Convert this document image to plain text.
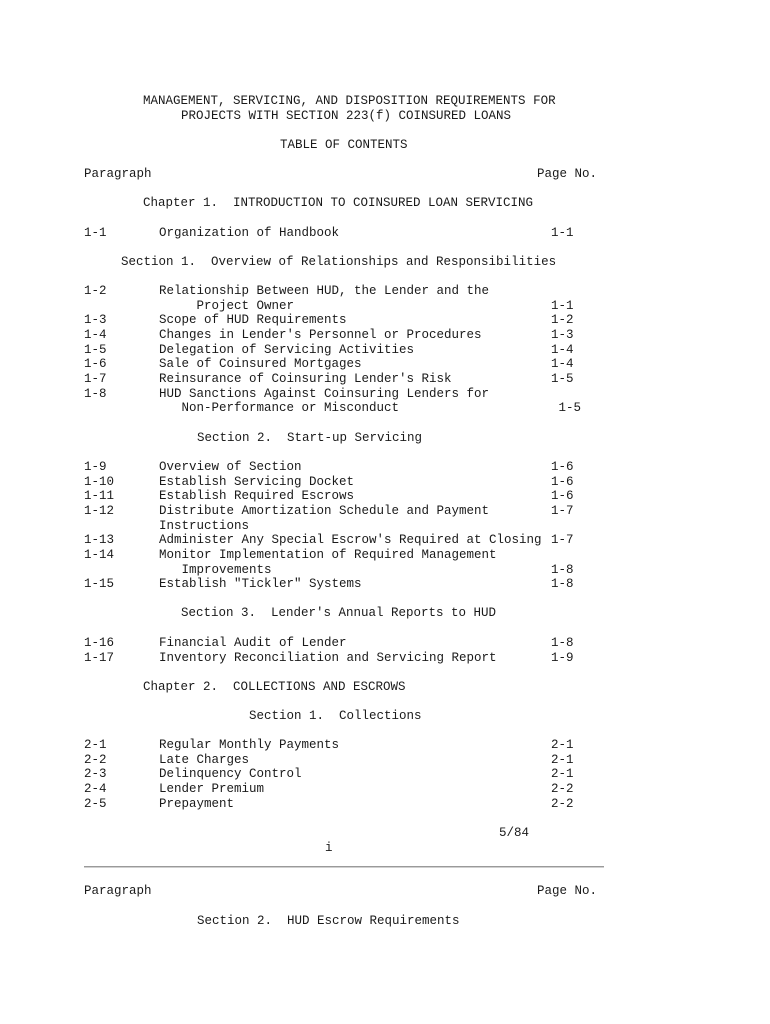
MANAGEMENT, SERVICING, AND DISPOSITION REQUIREMENTS FOR
PROJECTS WITH SECTION 223(f) COINSURED LOANS
TABLE OF CONTENTS
Paragraph	Page No.
Chapter 1.  INTRODUCTION TO COINSURED LOAN SERVICING
1-1	Organization of Handbook	1-1
Section 1.  Overview of Relationships and Responsibilities
1-2	Relationship Between HUD, the Lender and the
Project Owner	1-1
1-3	Scope of HUD Requirements	1-2
1-4	Changes in Lender's Personnel or Procedures	1-3
1-5	Delegation of Servicing Activities	1-4
1-6	Sale of Coinsured Mortgages	1-4
1-7	Reinsurance of Coinsuring Lender's Risk	1-5
1-8	HUD Sanctions Against Coinsuring Lenders for
Non-Performance or Misconduct	1-5
Section 2.  Start-up Servicing
1-9	Overview of Section	1-6
1-10	Establish Servicing Docket	1-6
1-11	Establish Required Escrows	1-6
1-12	Distribute Amortization Schedule and Payment	1-7
Instructions
1-13	Administer Any Special Escrow's Required at Closing 1-7
1-14	Monitor Implementation of Required Management
Improvements	1-8
1-15	Establish "Tickler" Systems	1-8
Section 3.  Lender's Annual Reports to HUD
1-16	Financial Audit of Lender	1-8
1-17	Inventory Reconciliation and Servicing Report	1-9
Chapter 2.  COLLECTIONS AND ESCROWS
Section 1.  Collections
2-1	Regular Monthly Payments	2-1
2-2	Late Charges	2-1
2-3	Delinquency Control	2-1
2-4	Lender Premium	2-2
2-5	Prepayment	2-2
5/84
i
Paragraph	Page No.
Section 2.  HUD Escrow Requirements
